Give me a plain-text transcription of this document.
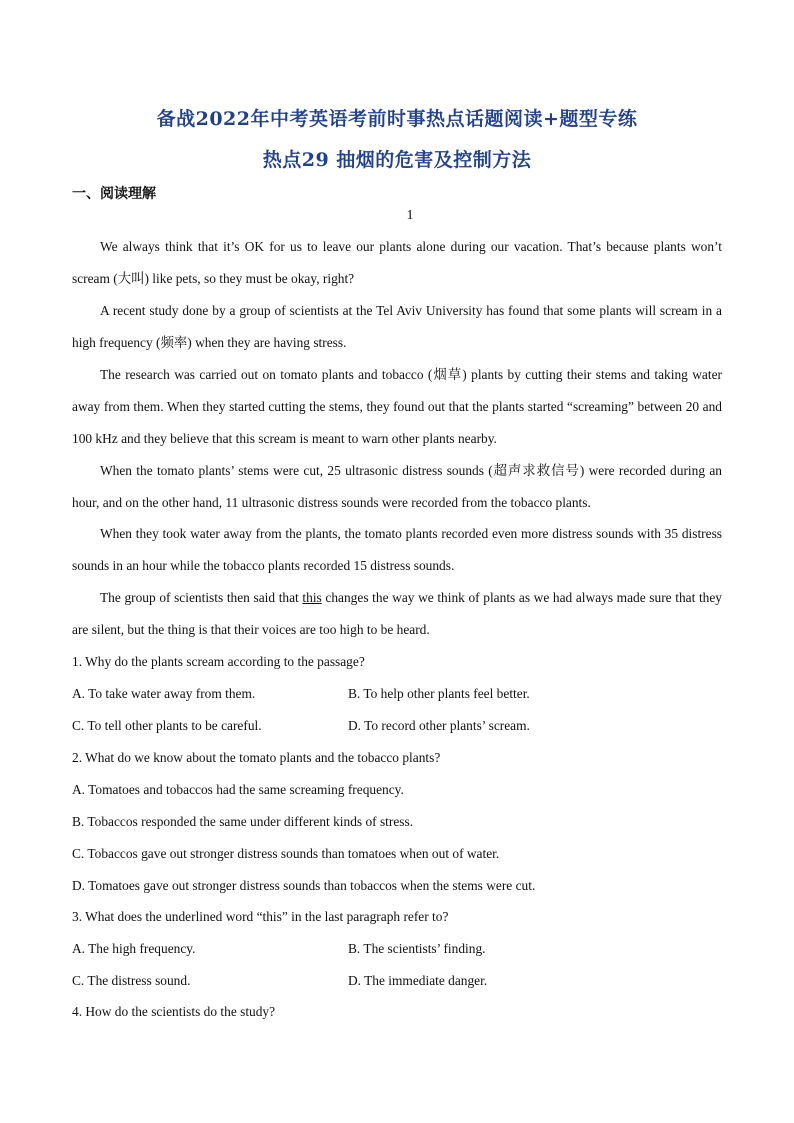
备战2022年中考英语考前时事热点话题阅读+题型专练
热点29 抽烟的危害及控制方法
一、阅读理解
1
We always think that it’s OK for us to leave our plants alone during our vacation. That’s because plants won’t scream (大叫) like pets, so they must be okay, right?
A recent study done by a group of scientists at the Tel Aviv University has found that some plants will scream in a high frequency (频率) when they are having stress.
The research was carried out on tomato plants and tobacco (烟草) plants by cutting their stems and taking water away from them. When they started cutting the stems, they found out that the plants started “screaming” between 20 and 100 kHz and they believe that this scream is meant to warn other plants nearby.
When the tomato plants’ stems were cut, 25 ultrasonic distress sounds (超声求救信号) were recorded during an hour, and on the other hand, 11 ultrasonic distress sounds were recorded from the tobacco plants.
When they took water away from the plants, the tomato plants recorded even more distress sounds with 35 distress sounds in an hour while the tobacco plants recorded 15 distress sounds.
The group of scientists then said that this changes the way we think of plants as we had always made sure that they are silent, but the thing is that their voices are too high to be heard.
1. Why do the plants scream according to the passage?
A. To take water away from them.	B. To help other plants feel better.
C. To tell other plants to be careful.	D. To record other plants’ scream.
2. What do we know about the tomato plants and the tobacco plants?
A. Tomatoes and tobaccos had the same screaming frequency.
B. Tobaccos responded the same under different kinds of stress.
C. Tobaccos gave out stronger distress sounds than tomatoes when out of water.
D. Tomatoes gave out stronger distress sounds than tobaccos when the stems were cut.
3. What does the underlined word “this” in the last paragraph refer to?
A. The high frequency.	B. The scientists’ finding.
C. The distress sound.	D. The immediate danger.
4. How do the scientists do the study?
